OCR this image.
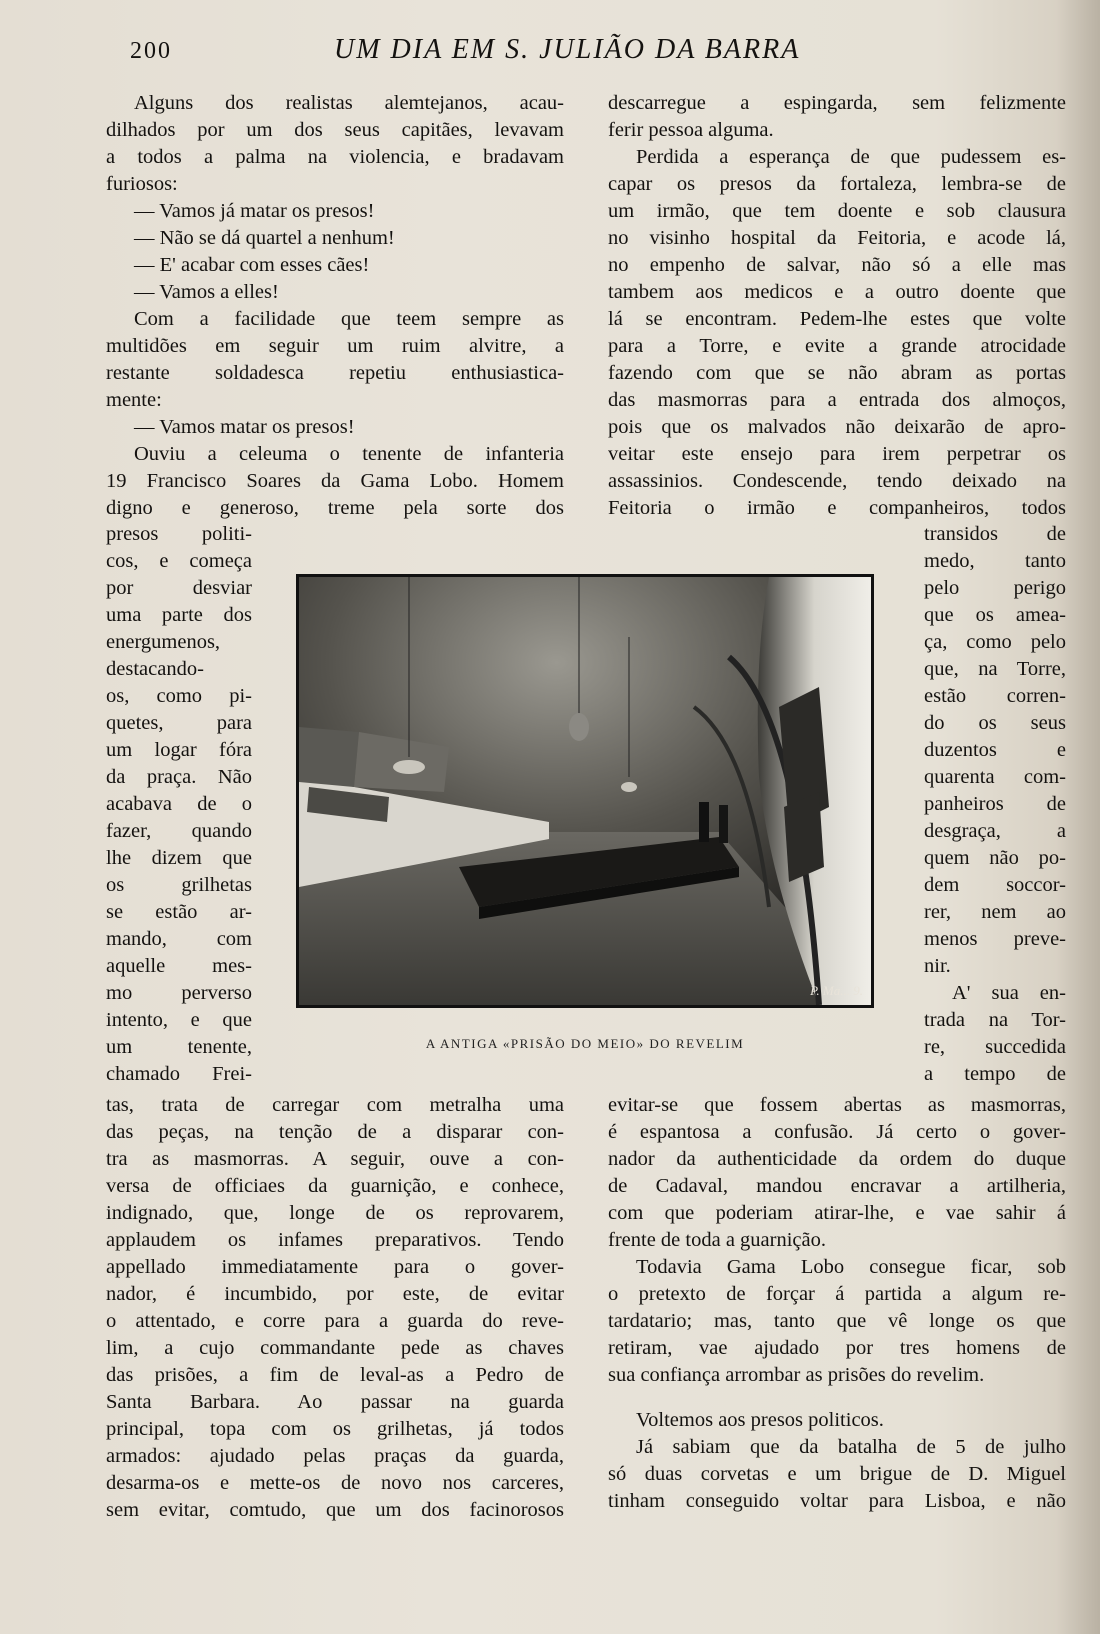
200	UM DIA EM S. JULIÃO DA BARRA

Alguns dos realistas alemtejanos, acau-

dilhados por um dos seus capitães, levavam

a todos a palma na violencia, e bradavam

furiosos:

— Vamos já matar os presos!

— Não se dá quartel a nenhum!

— E' acabar com esses cães!

— Vamos a elles!

Com a facilidade que teem sempre as

multidões em seguir um ruim alvitre, a

restante soldadesca repetiu enthusiastica-

mente:

— Vamos matar os presos!

Ouviu a celeuma o tenente de infanteria

19 Francisco Soares da Gama Lobo. Homem

digno e generoso, treme pela sorte dos

presos politi-

cos, e começa

por desviar

uma parte dos

energumenos,

destacando-

os, como pi-

quetes, para

um logar fóra

da praça. Não

acabava de o

fazer, quando

lhe dizem que

os grilhetas

se estão ar-

mando, com

aquelle mes-

mo perverso

intento, e que

um tenente,

chamado Frei-

tas, trata de carregar com metralha uma

das peças, na tenção de a disparar con-

tra as masmorras. A seguir, ouve a con-

versa de officiaes da guarnição, e conhece,

indignado, que, longe de os reprovarem,

applaudem os infames preparativos. Tendo

appellado immediatamente para o gover-

nador, é incumbido, por este, de evitar

o attentado, e corre para a guarda do reve-

lim, a cujo commandante pede as chaves

das prisões, a fim de leval-as a Pedro de

Santa Barbara. Ao passar na guarda

principal, topa com os grilhetas, já todos

armados: ajudado pelas praças da guarda,

desarma-os e mette-os de novo nos carceres,

sem evitar, comtudo, que um dos facinorosos

descarregue a espingarda, sem felizmente

ferir pessoa alguma.

Perdida a esperança de que pudessem es-

capar os presos da fortaleza, lembra-se de

um irmão, que tem doente e sob clausura

no visinho hospital da Feitoria, e acode lá,

no empenho de salvar, não só a elle mas

tambem aos medicos e a outro doente que

lá se encontram. Pedem-lhe estes que volte

para a Torre, e evite a grande atrocidade

fazendo com que se não abram as portas

das masmorras para a entrada dos almoços,

pois que os malvados não deixarão de apro-

veitar este ensejo para irem perpetrar os

assassinios. Condescende, tendo deixado na

Feitoria o irmão e companheiros, todos

transidos de

medo, tanto

pelo perigo

que os amea-

ça, como pelo

que, na Torre,

estão corren-

do os seus

duzentos e

quarenta com-

panheiros de

desgraça, a

quem não po-

dem soccor-

rer, nem ao

menos preve-

nir.

A' sua en-

trada na Tor-

re, succedida

a tempo de

evitar-se que fossem abertas as masmorras,

é espantosa a confusão. Já certo o gover-

nador da authenticidade da ordem do duque

de Cadaval, mandou encravar a artilheria,

com que poderiam atirar-lhe, e vae sahir á

frente de toda a guarnição.

Todavia Gama Lobo consegue ficar, sob

o pretexto de forçar á partida a algum re-

tardatario; mas, tanto que vê longe os que

retiram, vae ajudado por tres homens de

sua confiança arrombar as prisões do revelim.

Voltemos aos presos politicos.

Já sabiam que da batalha de 5 de julho

só duas corvetas e um brigue de D. Miguel

tinham conseguido voltar para Lisboa, e não

P. Ma... 9.
A ANTIGA «PRISÃO DO MEIO» DO REVELIM
